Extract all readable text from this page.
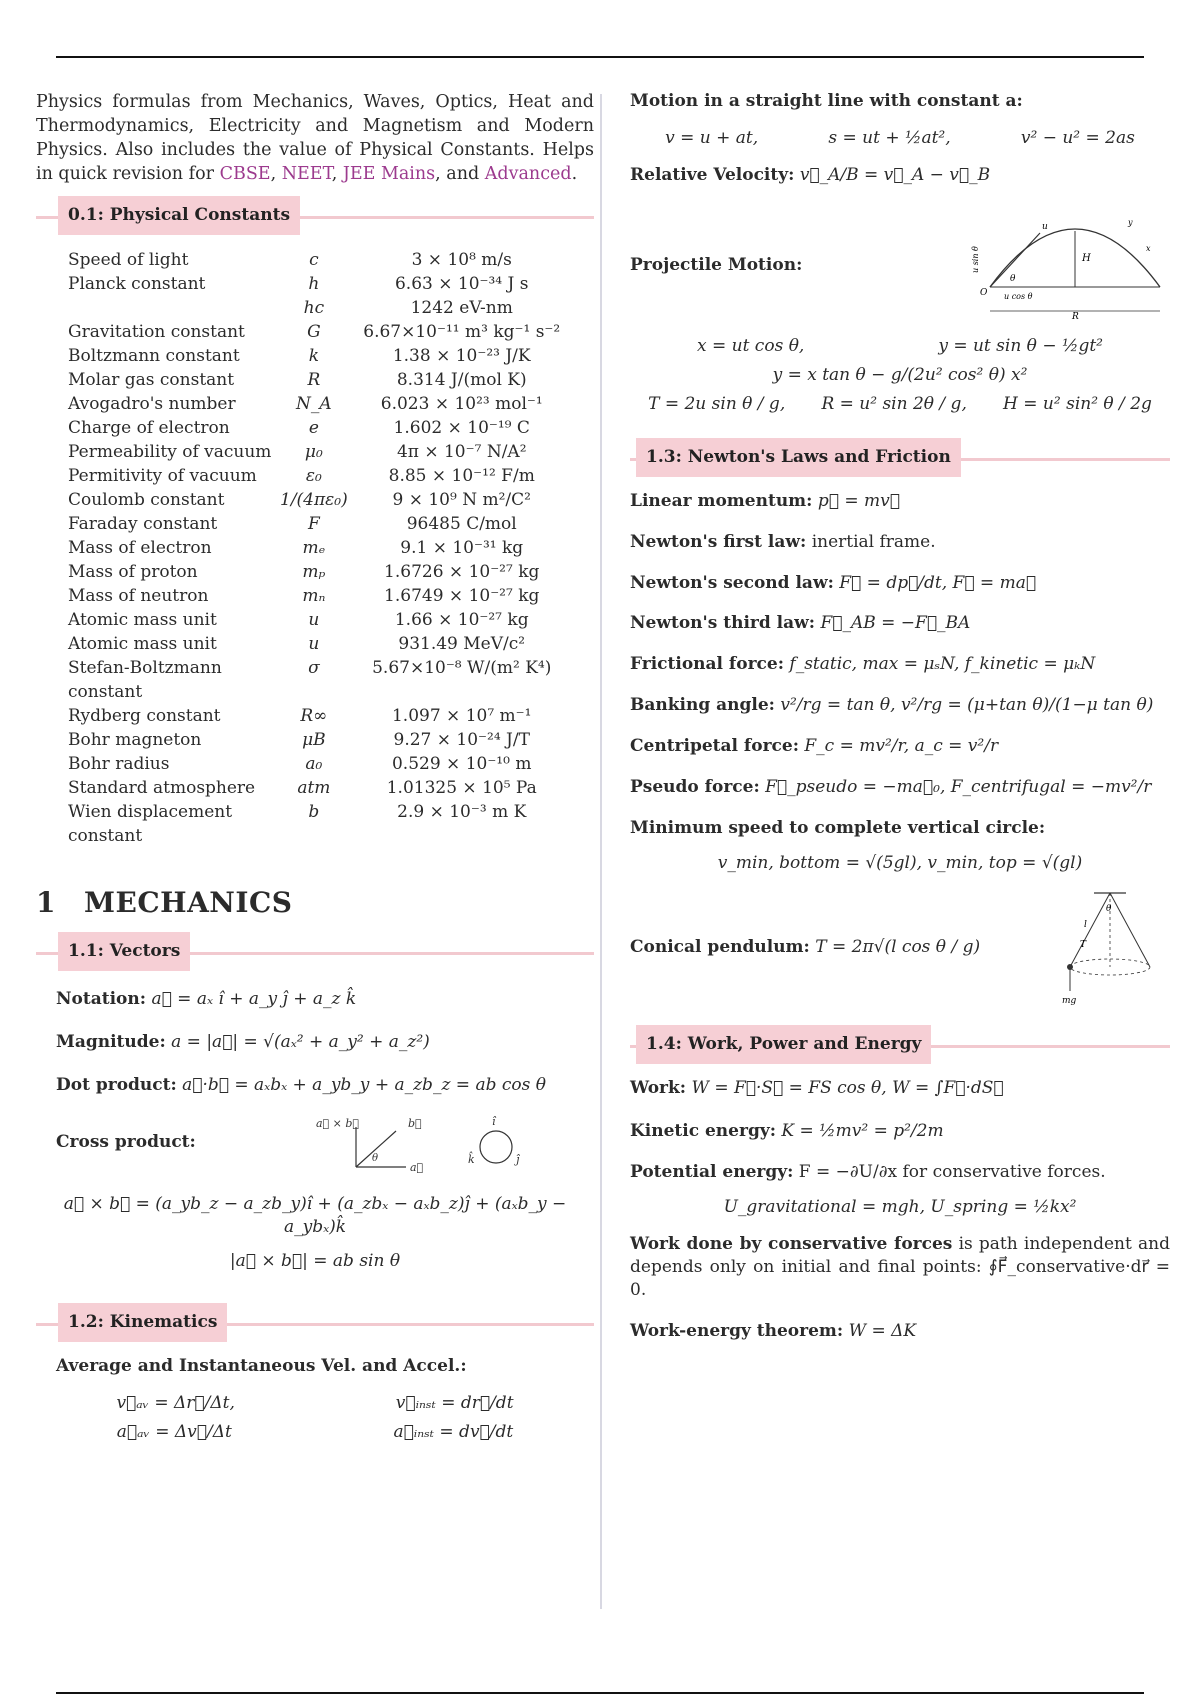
Physics formulas from Mechanics, Waves, Optics, Heat and Thermodynamics, Electricity and Magnetism and Modern Physics. Also includes the value of Physical Constants. Helps in quick revision for CBSE, NEET, JEE Mains, and Advanced.

0.1: Physical Constants
Speed of light	c	3 × 10⁸ m/s
Planck constant	h	6.63 × 10⁻³⁴ J s
	hc	1242 eV-nm
Gravitation constant	G	6.67×10⁻¹¹ m³ kg⁻¹ s⁻²
Boltzmann constant	k	1.38 × 10⁻²³ J/K
Molar gas constant	R	8.314 J/(mol K)
Avogadro's number	N_A	6.023 × 10²³ mol⁻¹
Charge of electron	e	1.602 × 10⁻¹⁹ C
Permeability of vacuum	μ₀	4π × 10⁻⁷ N/A²
Permitivity of vacuum	ε₀	8.85 × 10⁻¹² F/m
Coulomb constant	1/(4πε₀)	9 × 10⁹ N m²/C²
Faraday constant	F	96485 C/mol
Mass of electron	mₑ	9.1 × 10⁻³¹ kg
Mass of proton	mₚ	1.6726 × 10⁻²⁷ kg
Mass of neutron	mₙ	1.6749 × 10⁻²⁷ kg
Atomic mass unit	u	1.66 × 10⁻²⁷ kg
Atomic mass unit	u	931.49 MeV/c²
Stefan-Boltzmann constant	σ	5.67×10⁻⁸ W/(m² K⁴)
Rydberg constant	R∞	1.097 × 10⁷ m⁻¹
Bohr magneton	μB	9.27 × 10⁻²⁴ J/T
Bohr radius	a₀	0.529 × 10⁻¹⁰ m
Standard atmosphere	atm	1.01325 × 10⁵ Pa
Wien displacement constant	b	2.9 × 10⁻³ m K
1 MECHANICS
1.1: Vectors
Notation: a⃗ = aₓ î + a_y ĵ + a_z k̂
Magnitude: a = |a⃗| = √(aₓ² + a_y² + a_z²)
Dot product: a⃗·b⃗ = aₓbₓ + a_yb_y + a_zb_z = ab cos θ
Cross product:
a⃗ × b⃗	b⃗
a⃗
θ
î
ĵ
k̂
a⃗ × b⃗ = (a_yb_z − a_zb_y)î + (a_zbₓ − aₓb_z)ĵ + (aₓb_y − a_ybₓ)k̂
|a⃗ × b⃗| = ab sin θ
1.2: Kinematics
Average and Instantaneous Vel. and Accel.:
v⃗ₐᵥ = Δr⃗/Δt,	v⃗ᵢₙₛₜ = dr⃗/dt
a⃗ₐᵥ = Δv⃗/Δt	a⃗ᵢₙₛₜ = dv⃗/dt
Motion in a straight line with constant a:
v = u + at,	s = ut + ½at²,	v² − u² = 2as
Relative Velocity: v⃗_A/B = v⃗_A − v⃗_B
Projectile Motion:
u
H
R
θ
u cos θ
u sin θ
O
x
y
x = ut cos θ,	y = ut sin θ − ½gt²
y = x tan θ − g/(2u² cos² θ) x²
T = 2u sin θ / g, R = u² sin 2θ / g, H = u² sin² θ / 2g
1.3: Newton's Laws and Friction
Linear momentum: p⃗ = mv⃗
Newton's first law: inertial frame.
Newton's second law: F⃗ = dp⃗/dt, F⃗ = ma⃗
Newton's third law: F⃗_AB = −F⃗_BA
Frictional force: f_static, max = μₛN, f_kinetic = μₖN
Banking angle: v²/rg = tan θ, v²/rg = (μ+tan θ)/(1−μ tan θ)
Centripetal force: F_c = mv²/r, a_c = v²/r
Pseudo force: F⃗_pseudo = −ma⃗₀, F_centrifugal = −mv²/r
Minimum speed to complete vertical circle:
v_min, bottom = √(5gl), v_min, top = √(gl)
Conical pendulum: T = 2π√(l cos θ / g)
θ
l
T
mg
1.4: Work, Power and Energy
Work: W = F⃗·S⃗ = FS cos θ, W = ∫F⃗·dS⃗
Kinetic energy: K = ½mv² = p²/2m
Potential energy: F = −∂U/∂x for conservative forces.
U_gravitational = mgh, U_spring = ½kx²
Work done by conservative forces is path independent and depends only on initial and final points: ∮F⃗_conservative·dr⃗ = 0.
Work-energy theorem: W = ΔK
